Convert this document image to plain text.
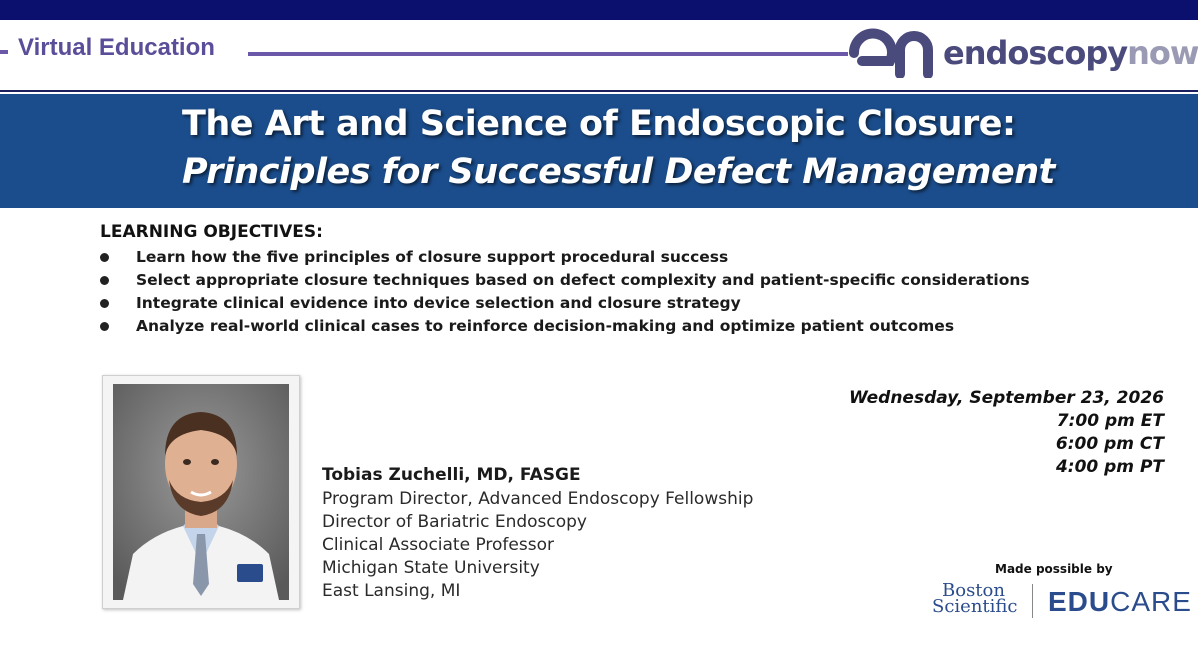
Virtual Education	endoscopynow
The Art and Science of Endoscopic Closure:
Principles for Successful Defect Management
LEARNING OBJECTIVES:
Learn how the five principles of closure support procedural success
Select appropriate closure techniques based on defect complexity and patient-specific considerations
Integrate clinical evidence into device selection and closure strategy
Analyze real-world clinical cases to reinforce decision-making and optimize patient outcomes
Tobias Zuchelli, MD, FASGE
Program Director, Advanced Endoscopy Fellowship
Director of Bariatric Endoscopy
Clinical Associate Professor
Michigan State University
East Lansing, MI
Wednesday, September 23, 2026
7:00 pm ET
6:00 pm CT
4:00 pm PT
Made possible by
Boston
Scientific EDUCARE
